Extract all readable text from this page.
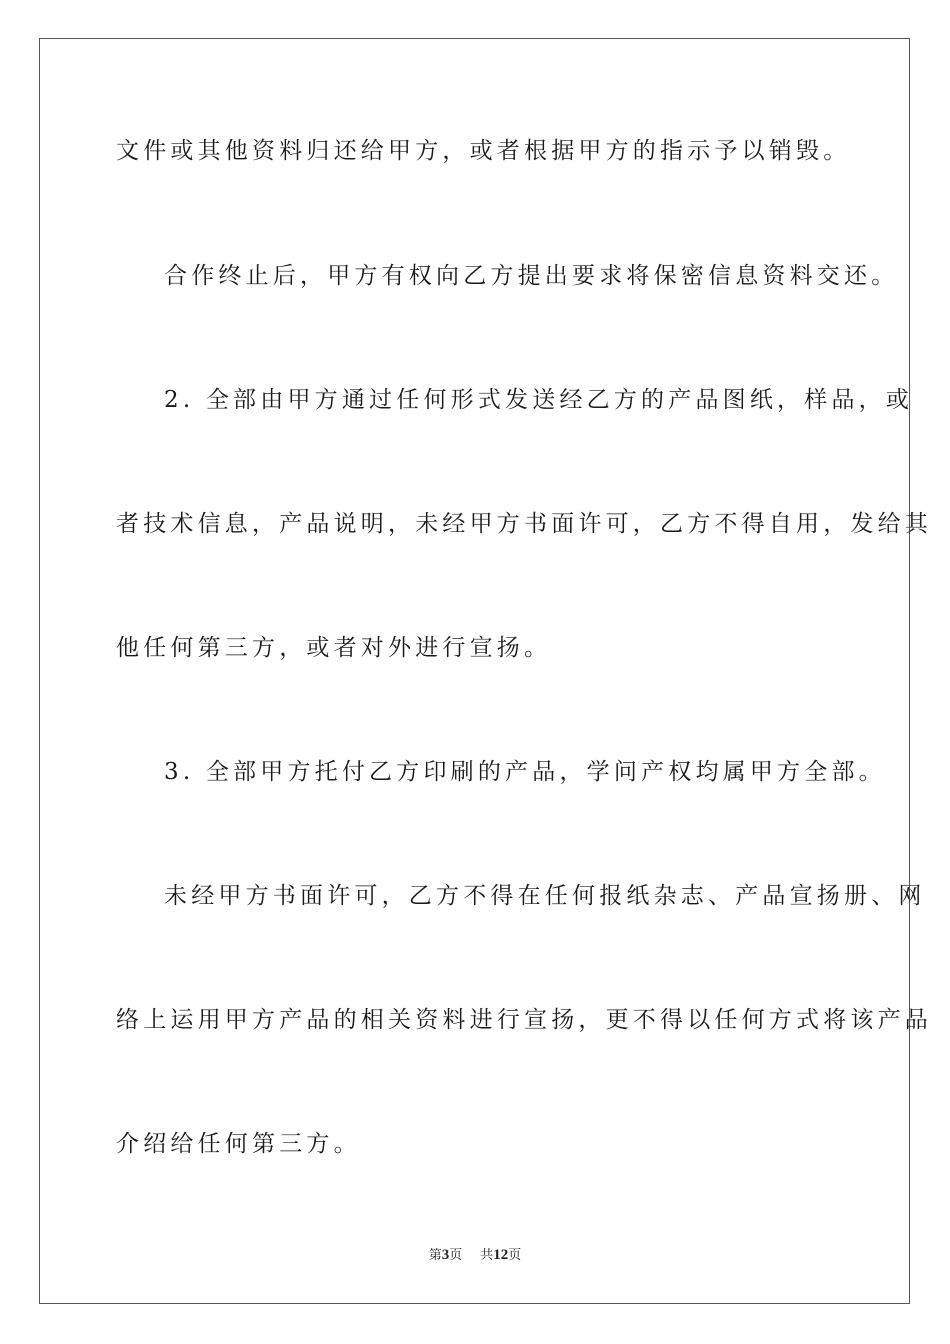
文件或其他资料归还给甲方，或者根据甲方的指示予以销毁。
合作终止后，甲方有权向乙方提出要求将保密信息资料交还。
2. 全部由甲方通过任何形式发送经乙方的产品图纸，样品，或
者技术信息，产品说明，未经甲方书面许可，乙方不得自用，发给其
他任何第三方，或者对外进行宣扬。
3. 全部甲方托付乙方印刷的产品，学问产权均属甲方全部。
未经甲方书面许可，乙方不得在任何报纸杂志、产品宣扬册、网
络上运用甲方产品的相关资料进行宣扬，更不得以任何方式将该产品
介绍给任何第三方。
第3页 共12页
